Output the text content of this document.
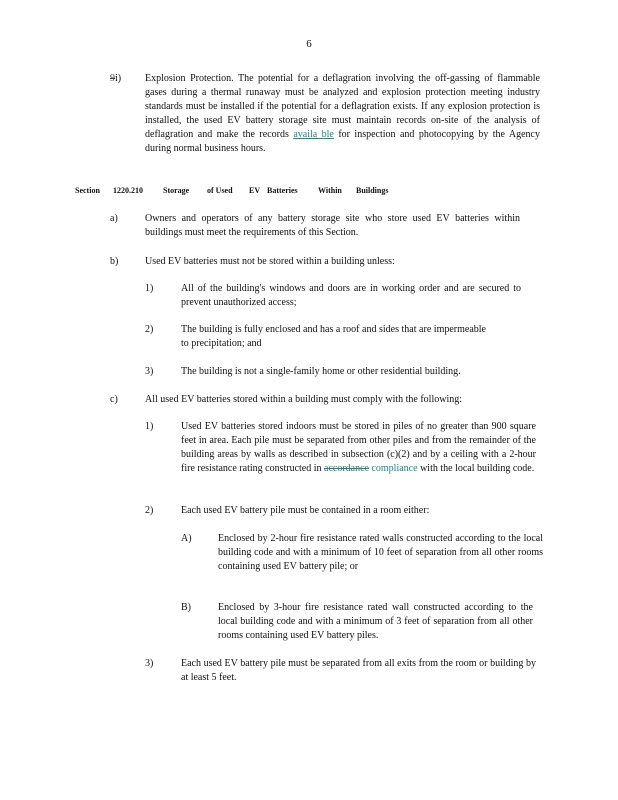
6
9i) Explosion Protection. The potential for a deflagration involving the off-gassing of flammable gases during a thermal runaway must be analyzed and explosion protection meeting industry standards must be installed if the potential for a deflagration exists. If any explosion protection is installed, the used EV battery storage site must maintain records on-site of the analysis of deflagration and make the records availa ble for inspection and photocopying by the Agency during normal business hours.
Section 1220.210	Storage of Used EV Batteries	Within Buildings
a)	Owners and operators of any battery storage site who store used EV batteries within buildings must meet the requirements of this Section.
b)	Used EV batteries must not be stored within a building unless:
1)	All of the building's windows and doors are in working order and are secured to prevent unauthorized access;
2)	The building is fully enclosed and has a roof and sides that are impermeable to precipitation; and
3)	The building is not a single-family home or other residential building.
c)	All used EV batteries stored within a building must comply with the following:
1)	Used EV batteries stored indoors must be stored in piles of no greater than 900 square feet in area. Each pile must be separated from other piles and from the remainder of the building areas by walls as described in subsection (c)(2) and by a ceiling with a 2-hour fire resistance rating constructed in accordance compliance with the local building code.
2)	Each used EV battery pile must be contained in a room either:
A)	Enclosed by 2-hour fire resistance rated walls constructed according to the local building code and with a minimum of 10 feet of separation from all other rooms containing used EV battery pile; or
B)	Enclosed by 3-hour fire resistance rated wall constructed according to the local building code and with a minimum of 3 feet of separation from all other rooms containing used EV battery piles.
3)	Each used EV battery pile must be separated from all exits from the room or building by at least 5 feet.
